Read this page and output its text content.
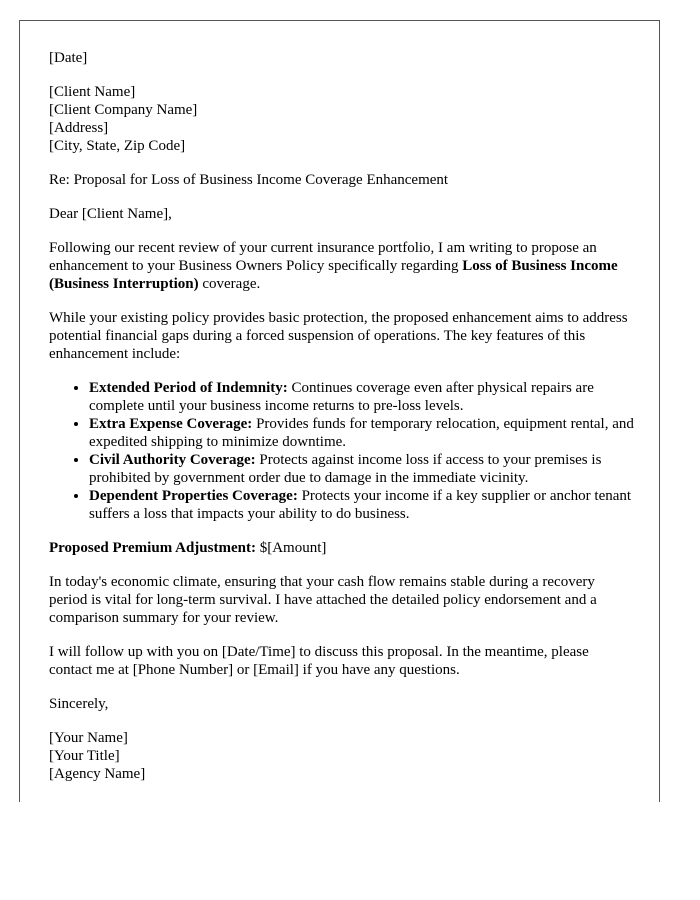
[Date]

[Client Name]
[Client Company Name]
[Address]
[City, State, Zip Code]

Re: Proposal for Loss of Business Income Coverage Enhancement

Dear [Client Name],

Following our recent review of your current insurance portfolio, I am writing to propose an enhancement to your Business Owners Policy specifically regarding Loss of Business Income (Business Interruption) coverage.

While your existing policy provides basic protection, the proposed enhancement aims to address potential financial gaps during a forced suspension of operations. The key features of this enhancement include:

• Extended Period of Indemnity: Continues coverage even after physical repairs are complete until your business income returns to pre-loss levels.
• Extra Expense Coverage: Provides funds for temporary relocation, equipment rental, and expedited shipping to minimize downtime.
• Civil Authority Coverage: Protects against income loss if access to your premises is prohibited by government order due to damage in the immediate vicinity.
• Dependent Properties Coverage: Protects your income if a key supplier or anchor tenant suffers a loss that impacts your ability to do business.

Proposed Premium Adjustment: $[Amount]

In today's economic climate, ensuring that your cash flow remains stable during a recovery period is vital for long-term survival. I have attached the detailed policy endorsement and a comparison summary for your review.

I will follow up with you on [Date/Time] to discuss this proposal. In the meantime, please contact me at [Phone Number] or [Email] if you have any questions.

Sincerely,

[Your Name]
[Your Title]
[Agency Name]
